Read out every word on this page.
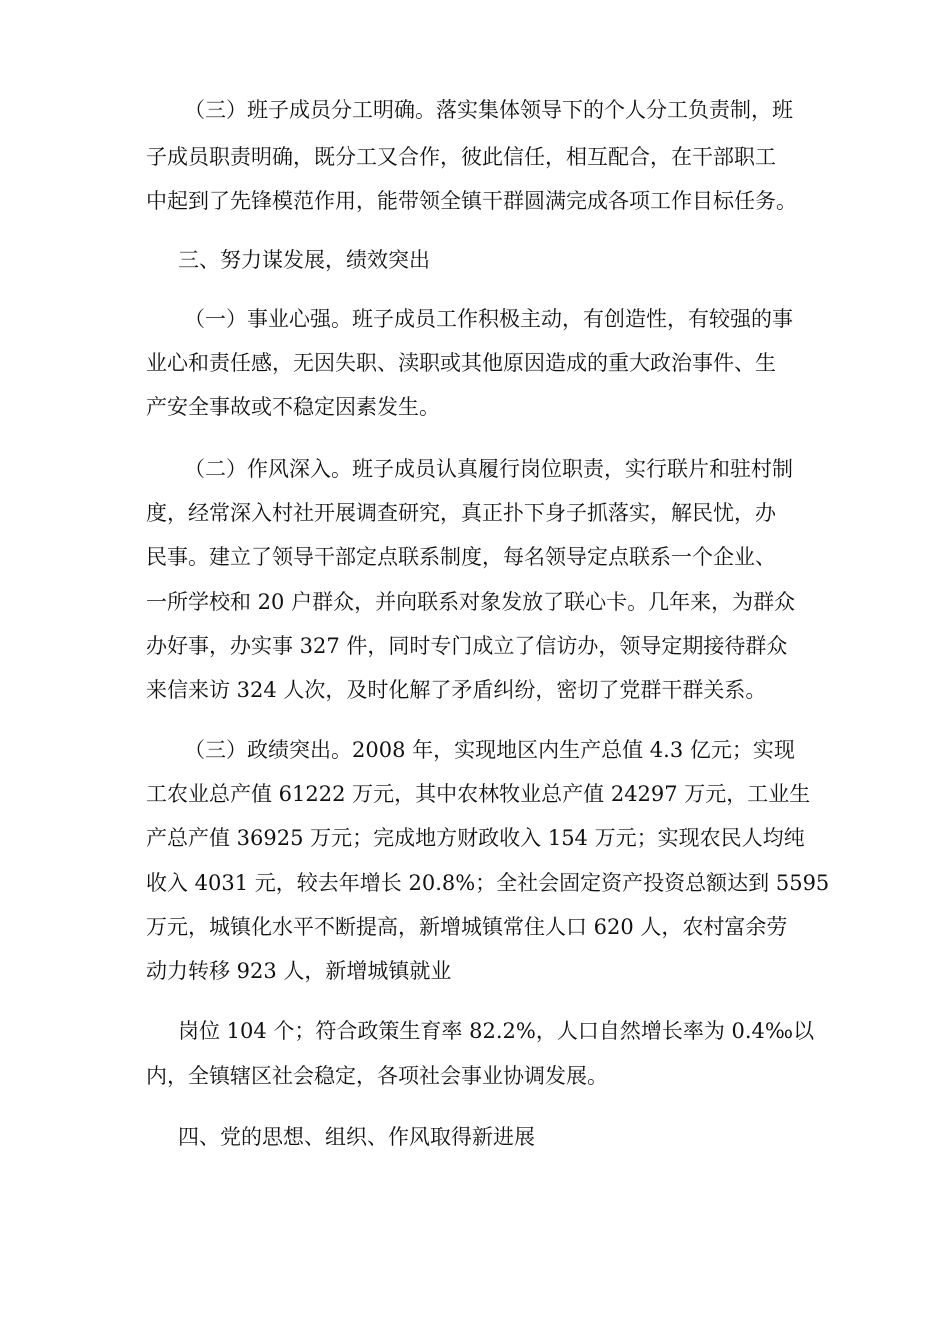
（三）班子成员分工明确。落实集体领导下的个人分工负责制，班

子成员职责明确，既分工又合作，彼此信任，相互配合，在干部职工

中起到了先锋模范作用，能带领全镇干群圆满完成各项工作目标任务。

三、努力谋发展，绩效突出

（一）事业心强。班子成员工作积极主动，有创造性，有较强的事

业心和责任感，无因失职、渎职或其他原因造成的重大政治事件、生

产安全事故或不稳定因素发生。

（二）作风深入。班子成员认真履行岗位职责，实行联片和驻村制

度，经常深入村社开展调查研究，真正扑下身子抓落实，解民忧，办

民事。建立了领导干部定点联系制度，每名领导定点联系一个企业、

一所学校和 20 户群众，并向联系对象发放了联心卡。几年来，为群众

办好事，办实事 327 件，同时专门成立了信访办，领导定期接待群众

来信来访 324 人次，及时化解了矛盾纠纷，密切了党群干群关系。

（三）政绩突出。2008 年，实现地区内生产总值 4.3 亿元；实现

工农业总产值 61222 万元，其中农林牧业总产值 24297 万元，工业生

产总产值 36925 万元；完成地方财政收入 154 万元；实现农民人均纯

收入 4031 元，较去年增长 20.8%；全社会固定资产投资总额达到 5595

万元，城镇化水平不断提高，新增城镇常住人口 620 人，农村富余劳

动力转移 923 人，新增城镇就业

岗位 104 个；符合政策生育率 82.2%，人口自然增长率为 0.4‰以

内，全镇辖区社会稳定，各项社会事业协调发展。

四、党的思想、组织、作风取得新进展
